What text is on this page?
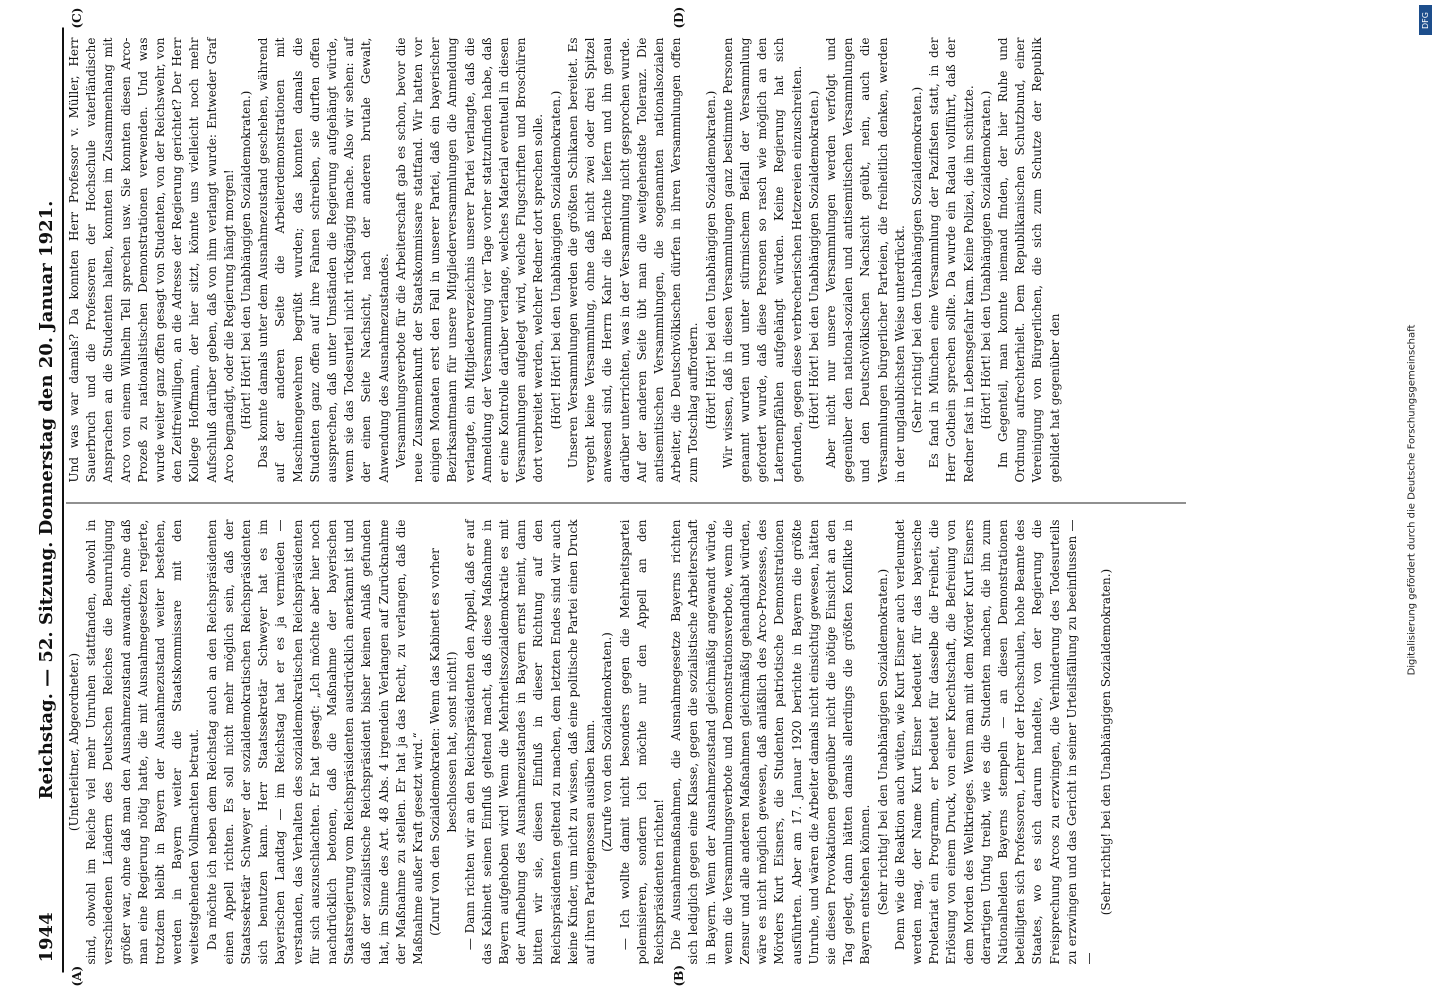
1944
Reichstag. — 52. Sitzung. Donnerstag den 20. Januar 1921.
(A)	(B)
(C)	(D)

(Unterleitner, Abgeordneter.) sind, obwohl im Reiche viel mehr Unruhen stattfanden, obwohl in verschiedenen Ländern des Deutschen Reiches die Beunruhigung größer war, ohne daß man den Ausnahmezustand anwandte, ohne daß man eine Regierung nötig hatte, die mit Ausnahmegesetzen regierte, trotzdem bleibt in Bayern der Ausnahmezustand weiter bestehen, werden in Bayern weiter die Staatskommissare mit den weitestgehenden Vollmachten betraut. Da möchte ich neben dem Reichstag auch an den Reichspräsidenten einen Appell richten. Es soll nicht mehr möglich sein, daß der Staatssekretär Schweyer der sozialdemokratischen Reichspräsidenten sich benutzen kann. Herr Staatssekretär Schweyer hat es im bayerischen Landtag — im Reichstag hat er es ja vermieden — verstanden, das Verhalten des sozialdemokratischen Reichspräsidenten für sich auszuschlachten. Er hat gesagt: „Ich möchte aber hier noch nachdrücklich betonen, daß die Maßnahme der bayerischen Staatsregierung vom Reichspräsidenten ausdrücklich anerkannt ist und daß der sozialistische Reichspräsident bisher keinen Anlaß gefunden hat, im Sinne des Art. 48 Abs. 4 irgendein Verlangen auf Zurücknahme der Maßnahme zu stellen. Er hat ja das Recht, zu verlangen, daß die Maßnahme außer Kraft gesetzt wird.“ (Zuruf von den Sozialdemokraten: Wenn das Kabinett es vorher beschlossen hat, sonst nicht!) — Dann richten wir an den Reichspräsidenten den Appell, daß er auf das Kabinett seinen Einfluß geltend macht, daß diese Maßnahme in Bayern aufgehoben wird! Wenn die Mehrheitssozialdemokratie es mit der Aufhebung des Ausnahmezustandes in Bayern ernst meint, dann bitten wir sie, diesen Einfluß in dieser Richtung auf den Reichspräsidenten geltend zu machen, dem letzten Endes sind wir auch keine Kinder, um nicht zu wissen, daß eine politische Partei einen Druck auf ihren Parteigenossen ausüben kann. (Zurufe von den Sozialdemokraten.) — Ich wollte damit nicht besonders gegen die Mehrheitspartei polemisieren, sondern ich möchte nur den Appell an den Reichspräsidenten richten! Die Ausnahmemaßnahmen, die Ausnahmegesetze Bayerns richten sich lediglich gegen eine Klasse, gegen die sozialistische Arbeiterschaft in Bayern. Wenn der Ausnahmezustand gleichmäßig angewandt würde, wenn die Versammlungsverbote und Demonstrationsverbote, wenn die Zensur und alle anderen Maßnahmen gleichmäßig gehandhabt würden, wäre es nicht möglich gewesen, daß anläßlich des Arco-Prozesses, des Mörders Kurt Eisners, die Studenten patriotische Demonstrationen ausführten. Aber am 17. Januar 1920 berichte in Bayern die größte Unruhe, und wären die Arbeiter damals nicht einsichtig gewesen, hätten sie diesen Provokationen gegenüber nicht die nötige Einsicht an den Tag gelegt, dann hätten damals allerdings die größten Konflikte in Bayern entstehen können. (Sehr richtig! bei den Unabhängigen Sozialdemokraten.) Denn wie die Reaktion auch wüten, wie Kurt Eisner auch verleumdet werden mag, der Name Kurt Eisner bedeutet für das bayerische Proletariat ein Programm, er bedeutet für dasselbe die Freiheit, die Erlösung von einem Druck, von einer Knechtschaft, die Befreiung von dem Morden des Weltkrieges. Wenn man mit dem Mörder Kurt Eisners derartigen Unfug treibt, wie es die Studenten machen, die ihn zum Nationalhelden Bayerns stempeln — an diesen Demonstrationen beteiligten sich Professoren, Lehrer der Hochschulen, hohe Beamte des Staates, wo es sich darum handelte, von der Regierung die Freisprechung Arcos zu erzwingen, die Verhinderung des Todesurteils zu erzwingen und das Gericht in seiner Urteilsfällung zu beeinflussen — —

(Sehr richtig! bei den Unabhängigen Sozialdemokraten.)

Und was war damals? Da konnten Herr Professor v. Müller, Herr Sauerbruch und die Professoren der Hochschule vaterländische Ansprachen an die Studenten halten, konnten im Zusammenhang mit Arco von einem Wilhelm Tell sprechen usw. Sie konnten diesen Arco-Prozeß zu nationalistischen Demonstrationen verwenden. Und was wurde weiter ganz offen gesagt von Studenten, von der Reichswehr, von den Zeitfreiwilligen, an die Adresse der Regierung gerichtet? Der Herr Kollege Hoffmann, der hier sitzt, könnte uns vielleicht noch mehr Aufschluß darüber geben, daß von ihm verlangt wurde: Entweder Graf Arco begnadigt, oder die Regierung hängt morgen! (Hört! Hört! bei den Unabhängigen Sozialdemokraten.) Das konnte damals unter dem Ausnahmezustand geschehen, während auf der anderen Seite die Arbeiterdemonstrationen mit Maschinengewehren begrüßt wurden; das konnten damals die Studenten ganz offen auf ihre Fahnen schreiben, sie durften offen aussprechen, daß unter Umständen die Regierung aufgehängt würde, wenn sie das Todesurteil nicht rückgängig mache. Also wir sehen: auf der einen Seite Nachsicht, nach der anderen brutale Gewalt, Anwendung des Ausnahmezustandes. Versammlungsverbote für die Arbeiterschaft gab es schon, bevor die neue Zusammenkunft der Staatskommissare stattfand. Wir hatten vor einigen Monaten erst den Fall in unserer Partei, daß ein bayerischer Bezirksamtmann für unsere Mitgliederversammlungen die Anmeldung verlangte, ein Mitgliederverzeichnis unserer Partei verlangte, daß die Anmeldung der Versammlung vier Tage vorher stattzufinden habe, daß er eine Kontrolle darüber verlange, welches Material eventuell in diesen Versammlungen aufgelegt wird, welche Flugschriften und Broschüren dort verbreitet werden, welcher Redner dort sprechen solle. (Hört! Hört! bei den Unabhängigen Sozialdemokraten.) Unseren Versammlungen werden die größten Schikanen bereitet. Es vergeht keine Versammlung, ohne daß nicht zwei oder drei Spitzel anwesend sind, die Herrn Kahr die Berichte liefern und ihn genau darüber unterrichten, was in der Versammlung nicht gesprochen wurde. Auf der anderen Seite übt man die weitgehendste Toleranz. Die antisemitischen Versammlungen, die sogenannten nationalsozialen Arbeiter, die Deutschvölkischen dürfen in ihren Versammlungen offen zum Totschlag auffordern. (Hört! Hört! bei den Unabhängigen Sozialdemokraten.) Wir wissen, daß in diesen Versammlungen ganz bestimmte Personen genannt wurden und unter stürmischem Beifall der Versammlung gefordert wurde, daß diese Personen so rasch wie möglich an den Laternenpfählen aufgehängt würden. Keine Regierung hat sich gefunden, gegen diese verbrecherischen Hetzereien einzuschreiten. (Hört! Hört! bei den Unabhängigen Sozialdemokraten.) Aber nicht nur unsere Versammlungen werden verfolgt und gegenüber den national-sozialen und antisemitischen Versammlungen und den Deutschvölkischen Nachsicht geübt, nein, auch die Versammlungen bürgerlicher Parteien, die freiheitlich denken, werden in der unglaublichsten Weise unterdrückt. (Sehr richtig! bei den Unabhängigen Sozialdemokraten.) Es fand in München eine Versammlung der Pazifisten statt, in der Herr Gothein sprechen sollte. Da wurde ein Radau vollführt, daß der Redner fast in Lebensgefahr kam. Keine Polizei, die ihn schützte. (Hört! Hört! bei den Unabhängigen Sozialdemokraten.) Im Gegenteil, man konnte niemand finden, der hier Ruhe und Ordnung aufrechterhielt. Dem Republikanischen Schutzbund, einer Vereinigung von Bürgerlichen, die sich zum Schutze der Republik gebildet hat gegenüber den	Digitalisierung gefördert durch die Deutsche Forschungsgemeinschaft
DFG
